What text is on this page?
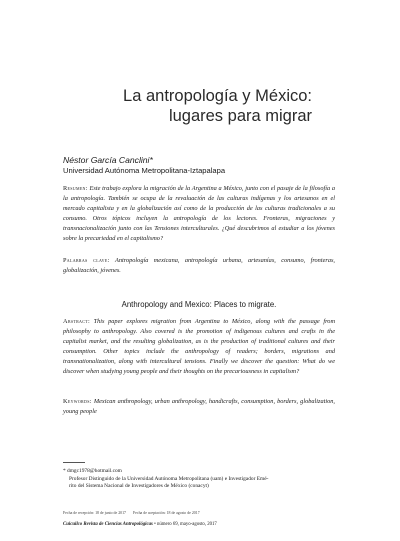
La antropología y México:
lugares para migrar
Néstor García Canclini*
Universidad Autónoma Metropolitana-Iztapalapa

Resumen: Este trabajo explora la migración de la Argentina a México, junto con el pasaje de la filosofía a la antropología. También se ocupa de la revaluación de las culturas indígenas y los artesanos en el mercado capitalista y en la globalización así como de la producción de las culturas tradicionales a su consumo. Otros tópicos incluyen la antropología de los lectores. Fronteras, migraciones y transnacionalización junto con las Tensiones interculturales. ¿Qué descubrimos al estudiar a los jóvenes sobre la precariedad en el capitalismo?

Palabras clave: Antropología mexicana, antropología urbana, artesanías, consumo, fronteras, globalización, jóvenes.

Anthropology and Mexico: Places to migrate.

Abstract: This paper explores migration from Argentina to México, along with the passage from philosophy to anthropology. Also covered is the promotion of indigenous cultures and crafts in the capitalist market, and the resulting globalization, as is the production of traditional cultures and their consumption. Other topics include the anthropology of readers; borders, migrations and transnationalization, along with intercultural tensions. Finally we discover the question: What do we discover when studying young people and their thoughts on the precariousness in capitalism?

Keywords: Mexican anthropology, urban anthropology, handicrafts, consumption, borders, globalization, young people

* dmgc1978@hotmail.com
Profesor Distinguido de la Universidad Autónoma Metropolitana (uam) e Investigador Emé-
rito del Sistema Nacional de Investigadores de México (conacyt)
Fecha de recepción: 18 de junio de 2017 Fecha de aceptación: 18 de agosto de 2017
Cuicuilco Revista de Ciencias Antropológicas • número 69, mayo-agosto, 2017
